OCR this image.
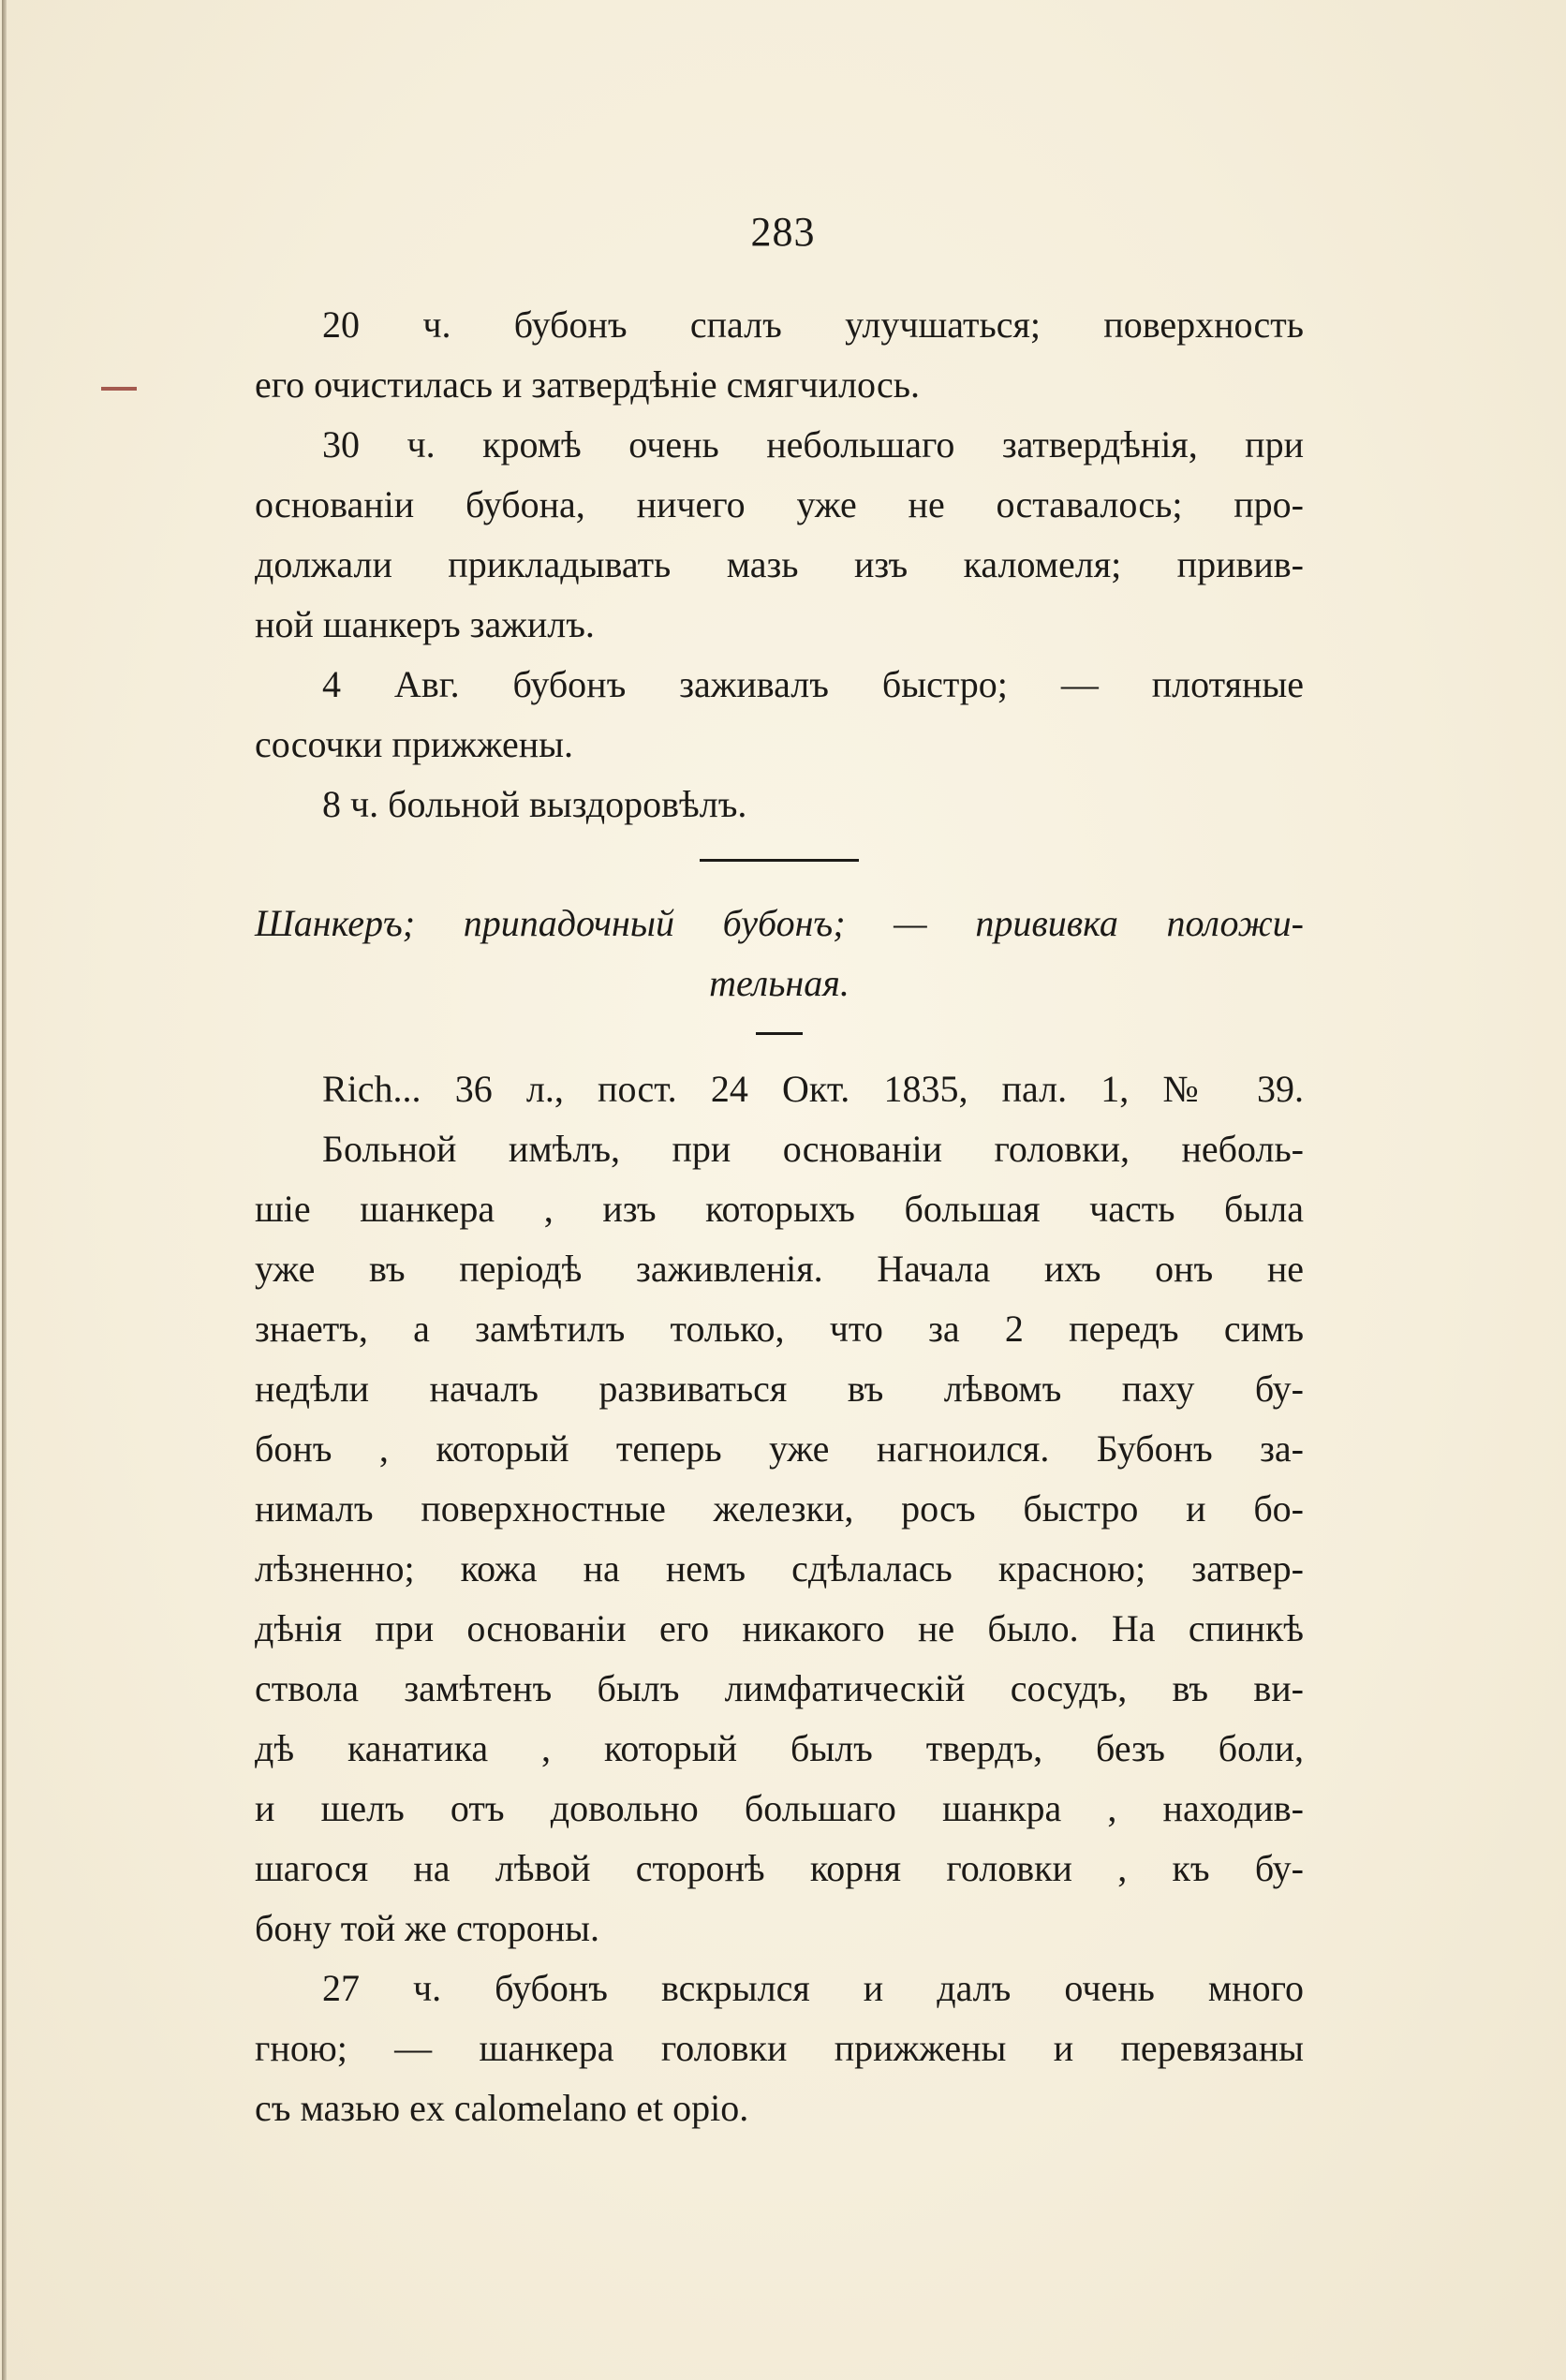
283
20 ч. бубонъ спалъ улучшаться; поверхность
его очистилась и затвердѣніе смягчилось.
30 ч. кромѣ очень небольшаго затвердѣнія, при
основаніи бубона, ничего уже не оставалось; про-
должали прикладывать мазь изъ каломеля; привив-
ной шанкеръ зажилъ.
4 Авг. бубонъ заживалъ быстро; — плотяные
сосочки прижжены.
8 ч. больной выздоровѣлъ.
Шанкеръ; припадочный бубонъ; — прививка положи-
тельная.
Rich... 36 л., пост. 24 Окт. 1835, пал. 1, № 39.
Больной имѣлъ, при основаніи головки, неболь-
шіе шанкера , изъ которыхъ большая часть была
уже въ періодѣ заживленія. Начала ихъ онъ не
знаетъ, а замѣтилъ только, что за 2 передъ симъ
недѣли началъ развиваться въ лѣвомъ паху бу-
бонъ , который теперь уже нагноился. Бубонъ за-
нималъ поверхностные железки, росъ быстро и бо-
лѣзненно; кожа на немъ сдѣлалась красною; затвер-
дѣнія при основаніи его никакого не было. На спинкѣ
ствола замѣтенъ былъ лимфатическій сосудъ, въ ви-
дѣ канатика , который былъ твердъ, безъ боли,
и шелъ отъ довольно большаго шанкра , находив-
шагося на лѣвой сторонѣ корня головки , къ бу-
бону той же стороны.
27 ч. бубонъ вскрылся и далъ очень много
гною; — шанкера головки прижжены и перевязаны
съ мазью ex calomelano et opio.
